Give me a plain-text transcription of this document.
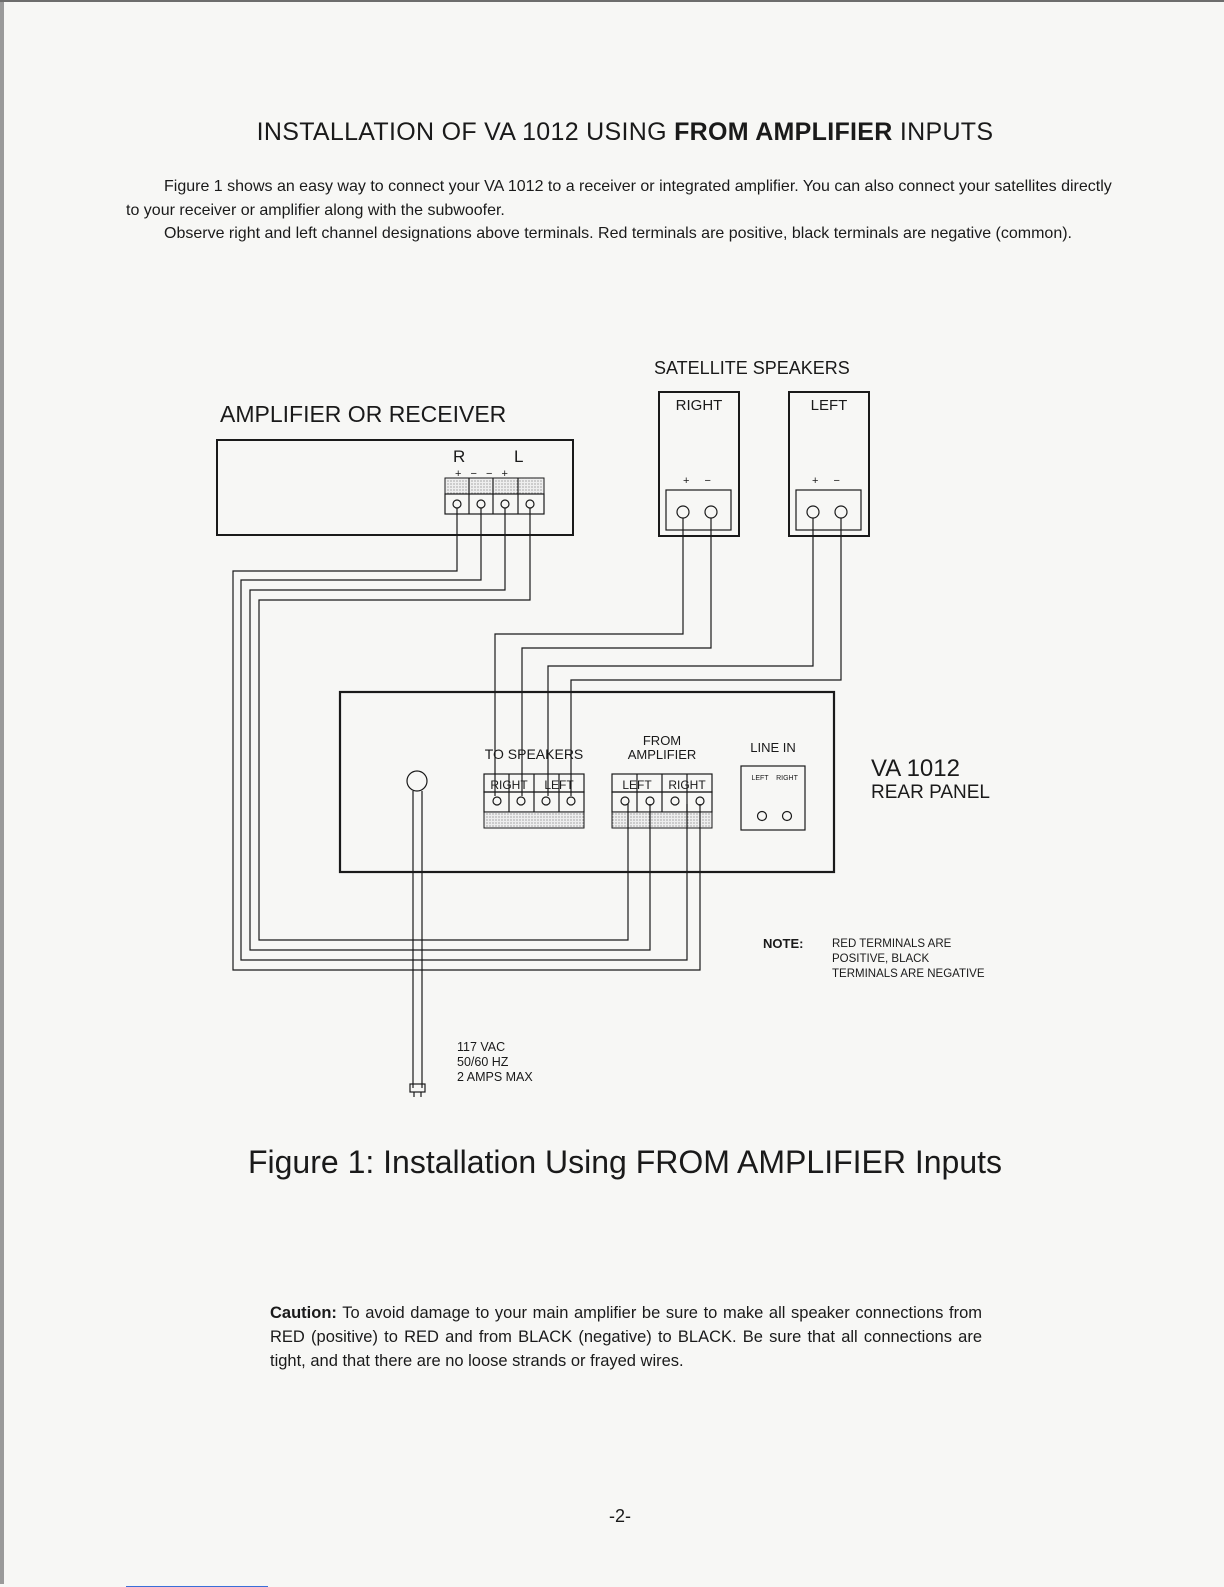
INSTALLATION OF VA 1012 USING FROM AMPLIFIER INPUTS

Figure 1 shows an easy way to connect your VA 1012 to a receiver or integrated amplifier. You can also connect your satellites directly to your receiver or amplifier along with the subwoofer.

Observe right and left channel designations above terminals. Red terminals are positive, black terminals are negative (common).

AMPLIFIER OR RECEIVER
R	L
+ − − +
SATELLITE SPEAKERS
RIGHT	LEFT
+ −	+ −
TO SPEAKERS
RIGHT LEFT
FROM
AMPLIFIER
LEFT RIGHT
LINE IN
LEFT RIGHT	VA 1012
REAR PANEL
NOTE: RED TERMINALS ARE
POSITIVE, BLACK
TERMINALS ARE NEGATIVE
117 VAC
50/60 HZ
2 AMPS MAX
Figure 1: Installation Using FROM AMPLIFIER Inputs
Caution: To avoid damage to your main amplifier be sure to make all speaker connections from RED (positive) to RED and from BLACK (negative) to BLACK. Be sure that all connections are tight, and that there are no loose strands or frayed wires.
-2-
